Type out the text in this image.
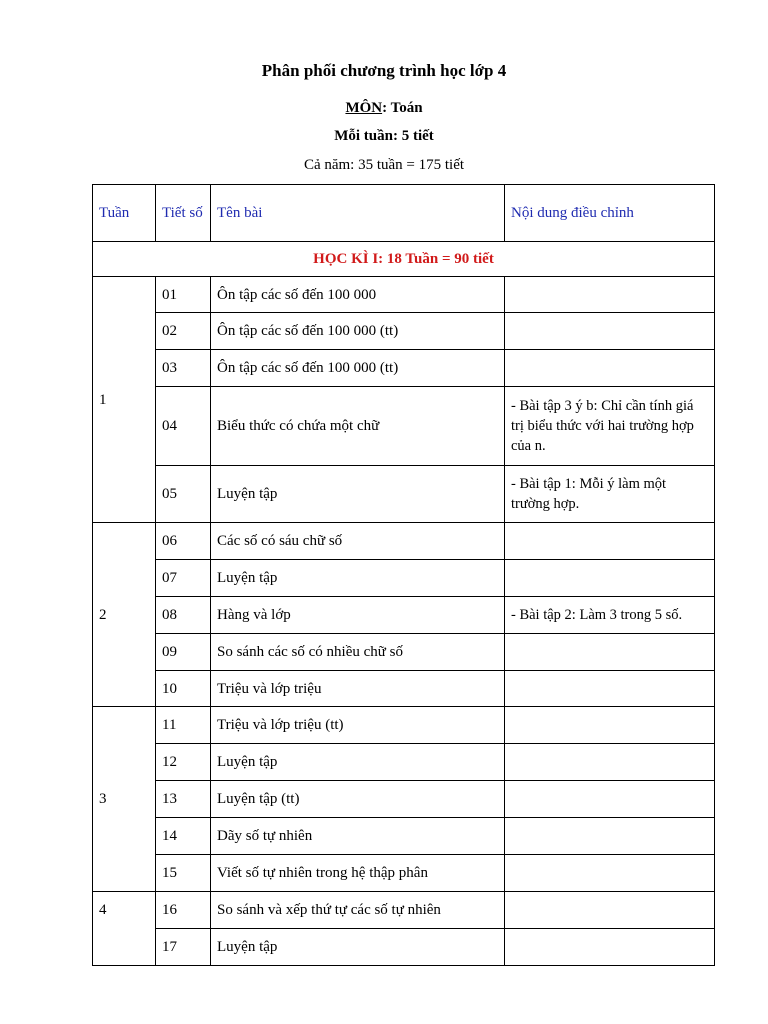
Phân phối chương trình học lớp 4
MÔN: Toán
Mỗi tuần: 5 tiết
Cả năm: 35 tuần = 175 tiết
Tuần	Tiết số	Tên bài	Nội dung điều chỉnh
HỌC KÌ I: 18 Tuần = 90 tiết			
1	01	Ôn tập các số đến 100 000	
	02	Ôn tập các số đến 100 000 (tt)	
	03	Ôn tập các số đến 100 000 (tt)	
	04	Biểu thức có chứa một chữ	- Bài tập 3 ý b: Chỉ cần tính giá trị biểu thức với hai trường hợp của n.
	05	Luyện tập	- Bài tập 1: Mỗi ý làm một trường hợp.
2	06	Các số có sáu chữ số	
	07	Luyện tập	
	08	Hàng và lớp	- Bài tập 2: Làm 3 trong 5 số.
	09	So sánh các số có nhiều chữ số	
	10	Triệu và lớp triệu	
3	11	Triệu và lớp triệu (tt)	
	12	Luyện tập	
	13	Luyện tập (tt)	
	14	Dãy số tự nhiên	
	15	Viết số tự nhiên trong hệ thập phân	
4	16	So sánh và xếp thứ tự các số tự nhiên	
	17	Luyện tập	
